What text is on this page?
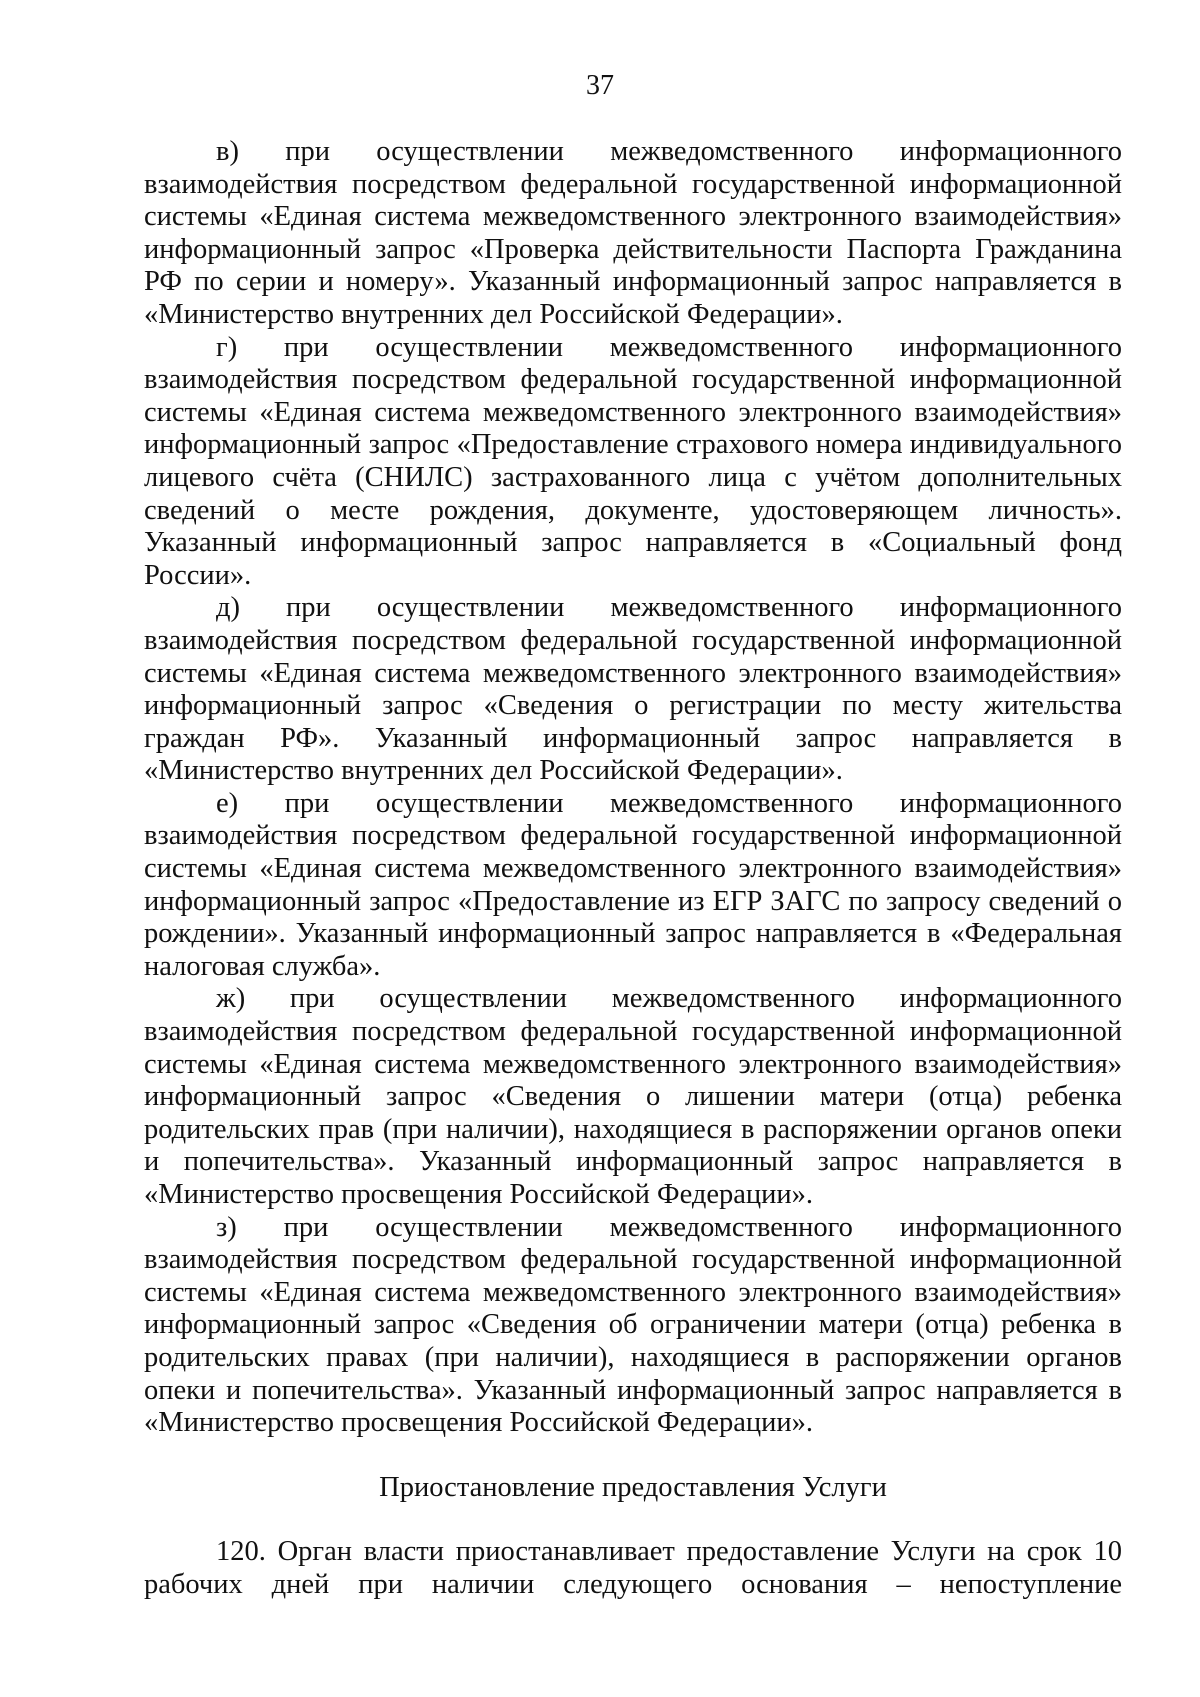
37

в) при осуществлении межведомственного информационного взаимодействия посредством федеральной государственной информационной системы «Единая система межведомственного электронного взаимодействия» информационный запрос «Проверка действительности Паспорта Гражданина РФ по серии и номеру». Указанный информационный запрос направляется в «Министерство внутренних дел Российской Федерации».

г) при осуществлении межведомственного информационного взаимодействия посредством федеральной государственной информационной системы «Единая система межведомственного электронного взаимодействия» информационный запрос «Предоставление страхового номера индивидуального лицевого счёта (СНИЛС) застрахованного лица с учётом дополнительных сведений о месте рождения, документе, удостоверяющем личность». Указанный информационный запрос направляется в «Социальный фонд России».

д) при осуществлении межведомственного информационного взаимодействия посредством федеральной государственной информационной системы «Единая система межведомственного электронного взаимодействия» информационный запрос «Сведения о регистрации по месту жительства граждан РФ». Указанный информационный запрос направляется в «Министерство внутренних дел Российской Федерации».

е) при осуществлении межведомственного информационного взаимодействия посредством федеральной государственной информационной системы «Единая система межведомственного электронного взаимодействия» информационный запрос «Предоставление из ЕГР ЗАГС по запросу сведений о рождении». Указанный информационный запрос направляется в «Федеральная налоговая служба».

ж) при осуществлении межведомственного информационного взаимодействия посредством федеральной государственной информационной системы «Единая система межведомственного электронного взаимодействия» информационный запрос «Сведения о лишении матери (отца) ребенка родительских прав (при наличии), находящиеся в распоряжении органов опеки и попечительства». Указанный информационный запрос направляется в «Министерство просвещения Российской Федерации».

з) при осуществлении межведомственного информационного взаимодействия посредством федеральной государственной информационной системы «Единая система межведомственного электронного взаимодействия» информационный запрос «Сведения об ограничении матери (отца) ребенка в родительских правах (при наличии), находящиеся в распоряжении органов опеки и попечительства». Указанный информационный запрос направляется в «Министерство просвещения Российской Федерации».

Приостановление предоставления Услуги

120. Орган власти приостанавливает предоставление Услуги на срок 10 рабочих дней при наличии следующего основания – непоступление
